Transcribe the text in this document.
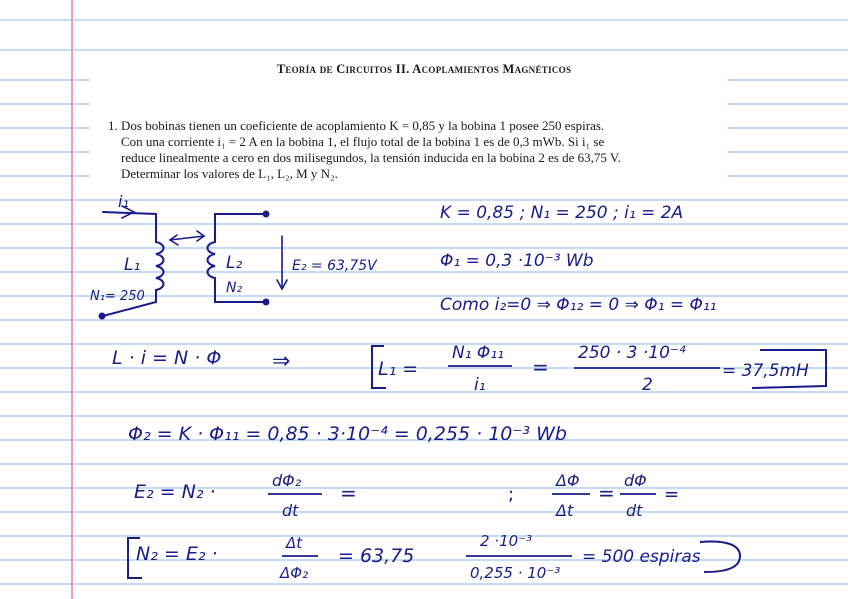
i₁
L₁
N₁= 250
L₂
N₂
E₂ = 63,75V
K = 0,85 ; N₁ = 250 ; i₁ = 2A
Φ₁ = 0,3 ·10⁻³ Wb
Como i₂=0 ⇒ Φ₁₂ = 0 ⇒ Φ₁ = Φ₁₁
L · i = N · Φ ⇒	L₁ =
N₁ Φ₁₁
i₁
=
250 · 3 ·10⁻⁴
2
= 37,5mH
Φ₂ = K · Φ₁₁ = 0,85 · 3·10⁻⁴ = 0,255 · 10⁻³ Wb
E₂ = N₂ ·
dΦ₂
dt
=	;
ΔΦ
Δt
=
dΦ
dt
=
N₂ = E₂ ·	Δt
ΔΦ₂
= 63,75
2 ·10⁻³
0,255 · 10⁻³
= 500 espiras
Teoría de Circuitos II. Acoplamientos Magnéticos
1. Dos bobinas tienen un coeficiente de acoplamiento K = 0,85 y la bobina 1 posee 250 espiras.
Con una corriente i₁ = 2 A en la bobina 1, el flujo total de la bobina 1 es de 0,3 mWb. Si i₁ se
reduce linealmente a cero en dos milisegundos, la tensión inducida en la bobina 2 es de 63,75 V.
Determinar los valores de L₁, L₂, M y N₂.
